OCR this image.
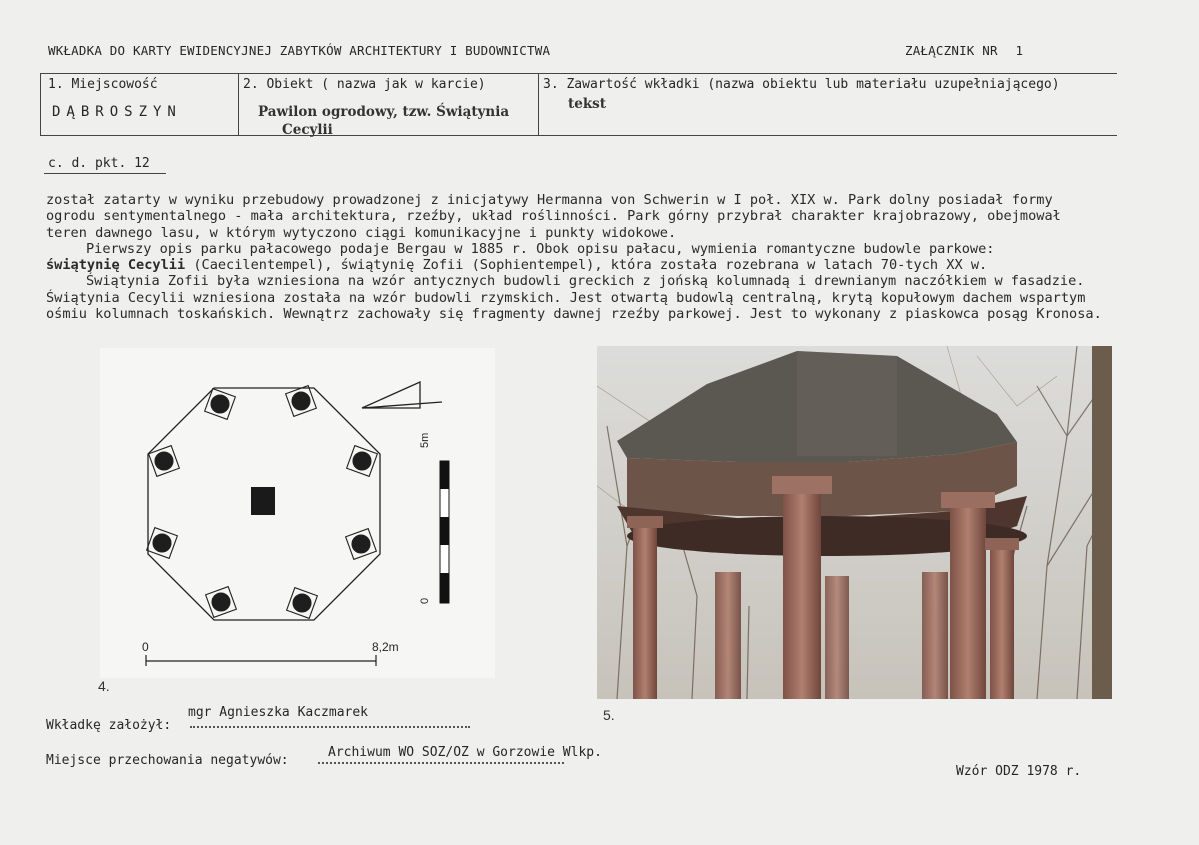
WKŁADKA DO KARTY EWIDENCYJNEJ ZABYTKÓW ARCHITEKTURY I BUDOWNICTWA	ZAŁĄCZNIK NR 1
1. Miejscowość
DĄBROSZYN
2. Obiekt ( nazwa jak w karcie)
Pawilon ogrodowy, tzw. Świątynia
Cecylii
3. Zawartość wkładki (nazwa obiektu lub materiału uzupełniającego)
tekst
c. d. pkt. 12

został zatarty w wyniku przebudowy prowadzonej z inicjatywy Hermanna von Schwerin w I poł. XIX w. Park dolny posiadał formy

ogrodu sentymentalnego - mała architektura, rzeźby, układ roślinności. Park górny przybrał charakter krajobrazowy, obejmował

teren dawnego lasu, w którym wytyczono ciągi komunikacyjne i punkty widokowe.

Pierwszy opis parku pałacowego podaje Bergau w 1885 r. Obok opisu pałacu, wymienia romantyczne budowle parkowe:

świątynię Cecylii (Caecilentempel), świątynię Zofii (Sophientempel), która została rozebrana w latach 70-tych XX w.

Świątynia Zofii była wzniesiona na wzór antycznych budowli greckich z jońską kolumnadą i drewnianym naczółkiem w fasadzie.

Świątynia Cecylii wzniesiona została na wzór budowli rzymskich. Jest otwartą budowlą centralną, krytą kopułowym dachem wspartym

ośmiu kolumnach toskańskich. Wewnątrz zachowały się fragmenty dawnej rzeźby parkowej. Jest to wykonany z piaskowca posąg Kronosa.

5m
0
0	8,2m
4.
5.
mgr Agnieszka Kaczmarek
Wkładkę założył:
Miejsce przechowania negatywów:
Archiwum WO SOZ/OZ w Gorzowie Wlkp.
Wzór ODZ 1978 r.
